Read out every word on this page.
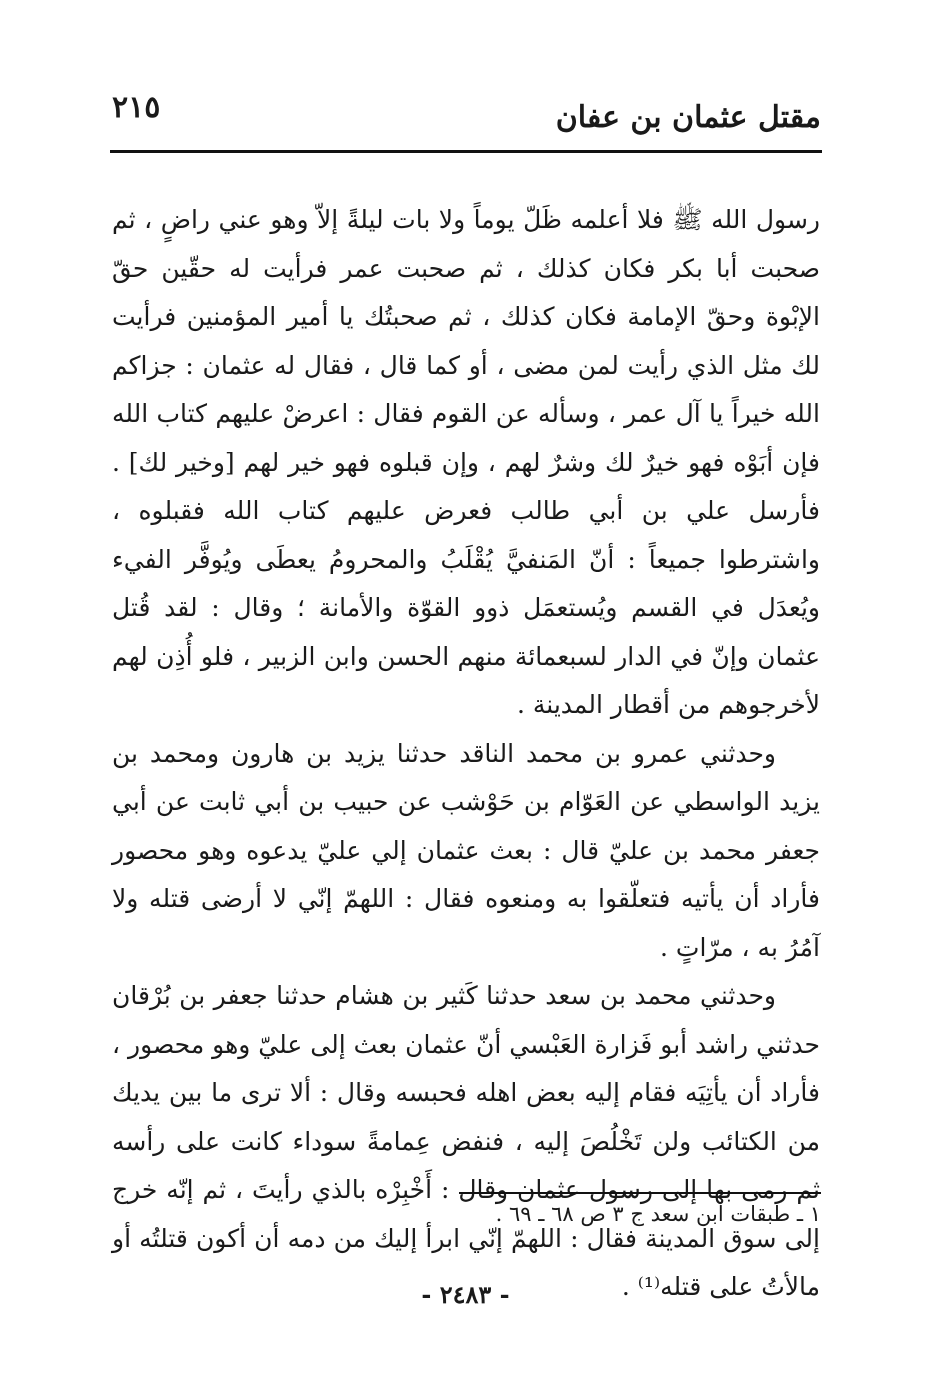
مقتل عثمان بن عفان
٢١٥

رسول الله ﷺ فلا أعلمه ظَلّ يوماً ولا بات ليلةً إلاّ وهو عني راضٍ ، ثم صحبت أبا بكر فكان كذلك ، ثم صحبت عمر فرأيت له حقّين حقّ الإبْوة وحقّ الإمامة فكان كذلك ، ثم صحبتُك يا أمير المؤمنين فرأيت لك مثل الذي رأيت لمن مضى ، أو كما قال ، فقال له عثمان : جزاكم الله خيراً يا آل عمر ، وسأله عن القوم فقال : اعرضْ عليهم كتاب الله فإن أبَوْه فهو خيرٌ لك وشرٌ لهم ، وإن قبلوه فهو خير لهم [وخير لك] . فأرسل علي بن أبي طالب فعرض عليهم كتاب الله فقبلوه ، واشترطوا جميعاً : أنّ المَنفيَّ يُقْلَبُ والمحرومُ يعطَى ويُوفَّر الفيء ويُعدَل في القسم ويُستعمَل ذوو القوّة والأمانة ؛ وقال : لقد قُتل عثمان وإنّ في الدار لسبعمائة منهم الحسن وابن الزبير ، فلو أُذِن لهم لأخرجوهم من أقطار المدينة .

وحدثني عمرو بن محمد الناقد حدثنا يزيد بن هارون ومحمد بن يزيد الواسطي عن العَوّام بن حَوْشب عن حبيب بن أبي ثابت عن أبي جعفر محمد بن عليّ قال : بعث عثمان إلي عليّ يدعوه وهو محصور فأراد أن يأتيه فتعلّقوا به ومنعوه فقال : اللهمّ إنّي لا أرضى قتله ولا آمُرُ به ، مرّاتٍ .

وحدثني محمد بن سعد حدثنا كَثير بن هشام حدثنا جعفر بن بُرْقان حدثني راشد أبو فَزارة العَبْسي أنّ عثمان بعث إلى عليّ وهو محصور ، فأراد أن يأتِيَه فقام إليه بعض اهله فحبسه وقال : ألا ترى ما بين يديك من الكتائب ولن تَخْلُصَ إليه ، فنفض عِمامةً سوداء كانت على رأسه ثم رمى بها إلى رسول عثمان وقال : أَخْبِرْه بالذي رأيتَ ، ثم إنّه خرج إلى سوق المدينة فقال : اللهمّ إنّي ابرأ إليك من دمه أن أكون قتلتُه أو مالأتُ على قتله⁽¹⁾ .

١ ـ طبقات ابن سعد ج ٣ ص ٦٨ ـ ٦٩ .
- ٢٤٨٣ -
